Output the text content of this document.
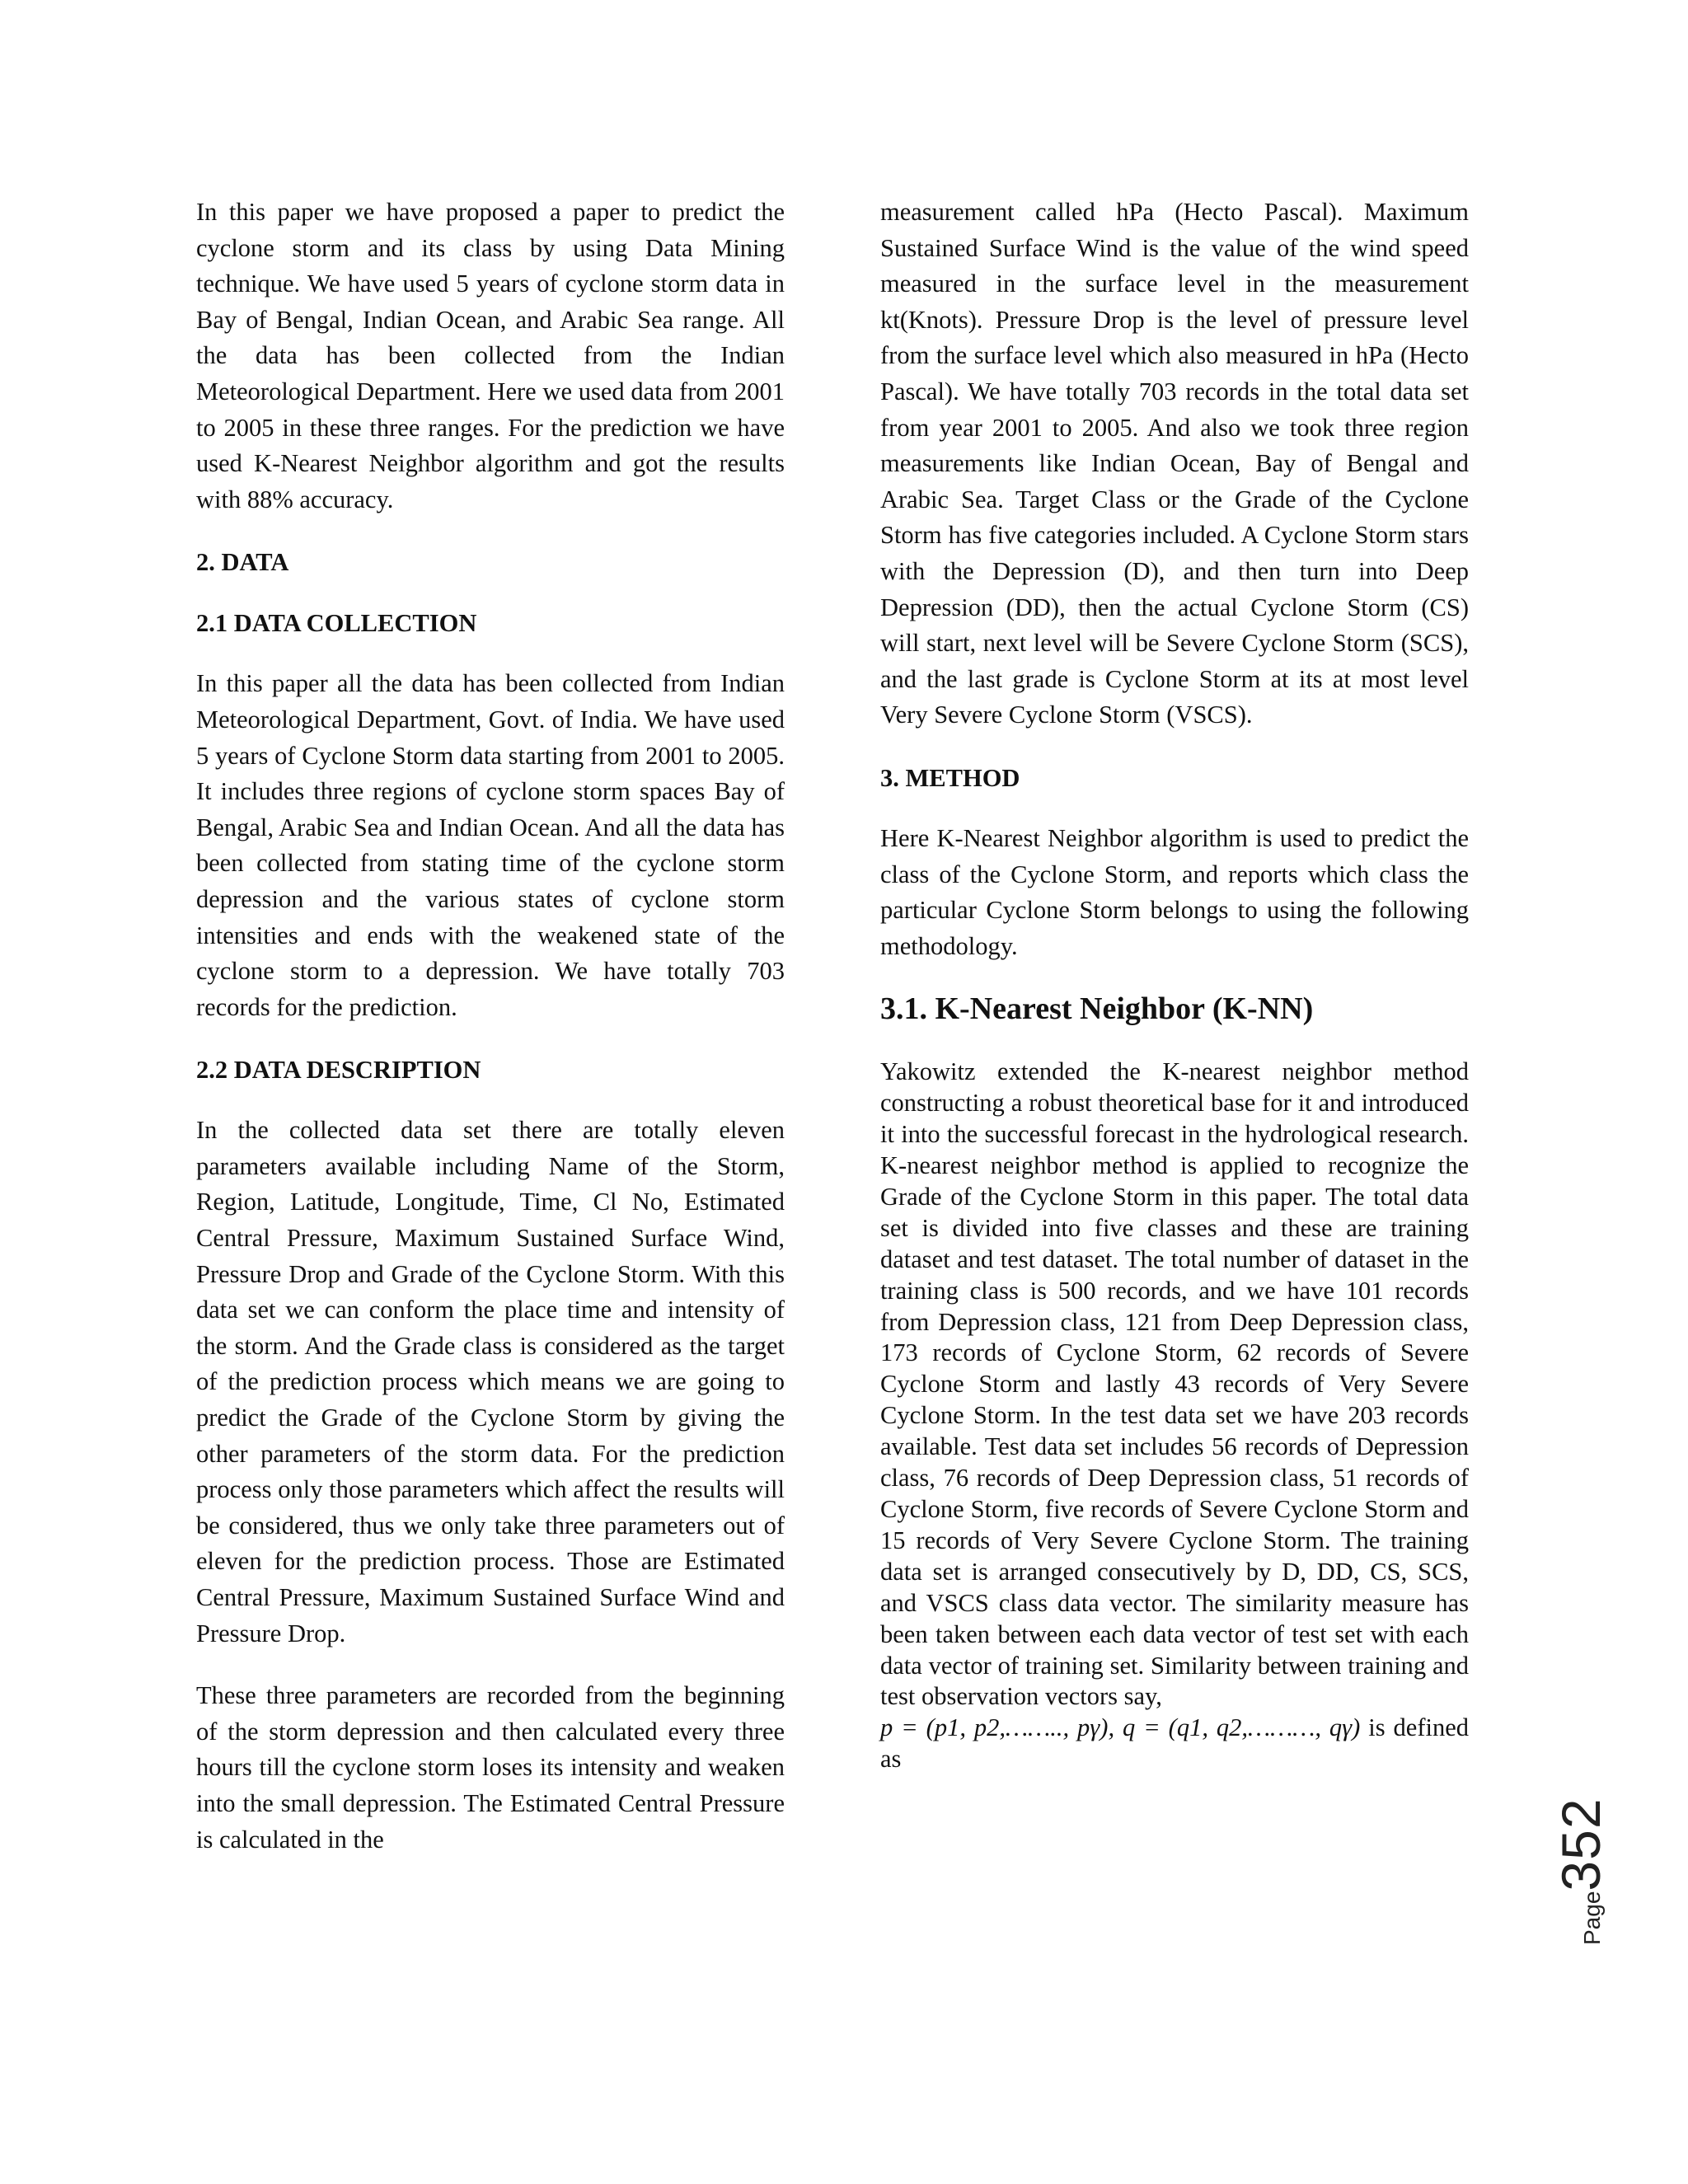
In this paper we have proposed a paper to predict the cyclone storm and its class by using Data Mining technique. We have used 5 years of cyclone storm data in Bay of Bengal, Indian Ocean, and Arabic Sea range. All the data has been collected from the Indian Meteorological Department. Here we used data from 2001 to 2005 in these three ranges. For the prediction we have used K-Nearest Neighbor algorithm and got the results with 88% accuracy.

2. DATA
2.1 DATA COLLECTION

In this paper all the data has been collected from Indian Meteorological Department, Govt. of India. We have used 5 years of Cyclone Storm data starting from 2001 to 2005. It includes three regions of cyclone storm spaces Bay of Bengal, Arabic Sea and Indian Ocean. And all the data has been collected from stating time of the cyclone storm depression and the various states of cyclone storm intensities and ends with the weakened state of the cyclone storm to a depression. We have totally 703 records for the prediction.

2.2 DATA DESCRIPTION

In the collected data set there are totally eleven parameters available including Name of the Storm, Region, Latitude, Longitude, Time, Cl No, Estimated Central Pressure, Maximum Sustained Surface Wind, Pressure Drop and Grade of the Cyclone Storm. With this data set we can conform the place time and intensity of the storm. And the Grade class is considered as the target of the prediction process which means we are going to predict the Grade of the Cyclone Storm by giving the other parameters of the storm data. For the prediction process only those parameters which affect the results will be considered, thus we only take three parameters out of eleven for the prediction process. Those are Estimated Central Pressure, Maximum Sustained Surface Wind and Pressure Drop.

These three parameters are recorded from the beginning of the storm depression and then calculated every three hours till the cyclone storm loses its intensity and weaken into the small depression. The Estimated Central Pressure is calculated in the

measurement called hPa (Hecto Pascal). Maximum Sustained Surface Wind is the value of the wind speed measured in the surface level in the measurement kt(Knots). Pressure Drop is the level of pressure level from the surface level which also measured in hPa (Hecto Pascal). We have totally 703 records in the total data set from year 2001 to 2005. And also we took three region measurements like Indian Ocean, Bay of Bengal and Arabic Sea. Target Class or the Grade of the Cyclone Storm has five categories included. A Cyclone Storm stars with the Depression (D), and then turn into Deep Depression (DD), then the actual Cyclone Storm (CS) will start, next level will be Severe Cyclone Storm (SCS), and the last grade is Cyclone Storm at its at most level Very Severe Cyclone Storm (VSCS).

3. METHOD

Here K-Nearest Neighbor algorithm is used to predict the class of the Cyclone Storm, and reports which class the particular Cyclone Storm belongs to using the following methodology.

3.1. K-Nearest Neighbor (K-NN)

Yakowitz extended the K-nearest neighbor method constructing a robust theoretical base for it and introduced it into the successful forecast in the hydrological research. K-nearest neighbor method is applied to recognize the Grade of the Cyclone Storm in this paper. The total data set is divided into five classes and these are training dataset and test dataset. The total number of dataset in the training class is 500 records, and we have 101 records from Depression class, 121 from Deep Depression class, 173 records of Cyclone Storm, 62 records of Severe Cyclone Storm and lastly 43 records of Very Severe Cyclone Storm. In the test data set we have 203 records available. Test data set includes 56 records of Depression class, 76 records of Deep Depression class, 51 records of Cyclone Storm, five records of Severe Cyclone Storm and 15 records of Very Severe Cyclone Storm. The training data set is arranged consecutively by D, DD, CS, SCS, and VSCS class data vector. The similarity measure has been taken between each data vector of test set with each data vector of training set. Similarity between training and test observation vectors say,

p = (p1, p2,…….., pγ), q = (q1, q2,………, qγ) is defined as

Page352
